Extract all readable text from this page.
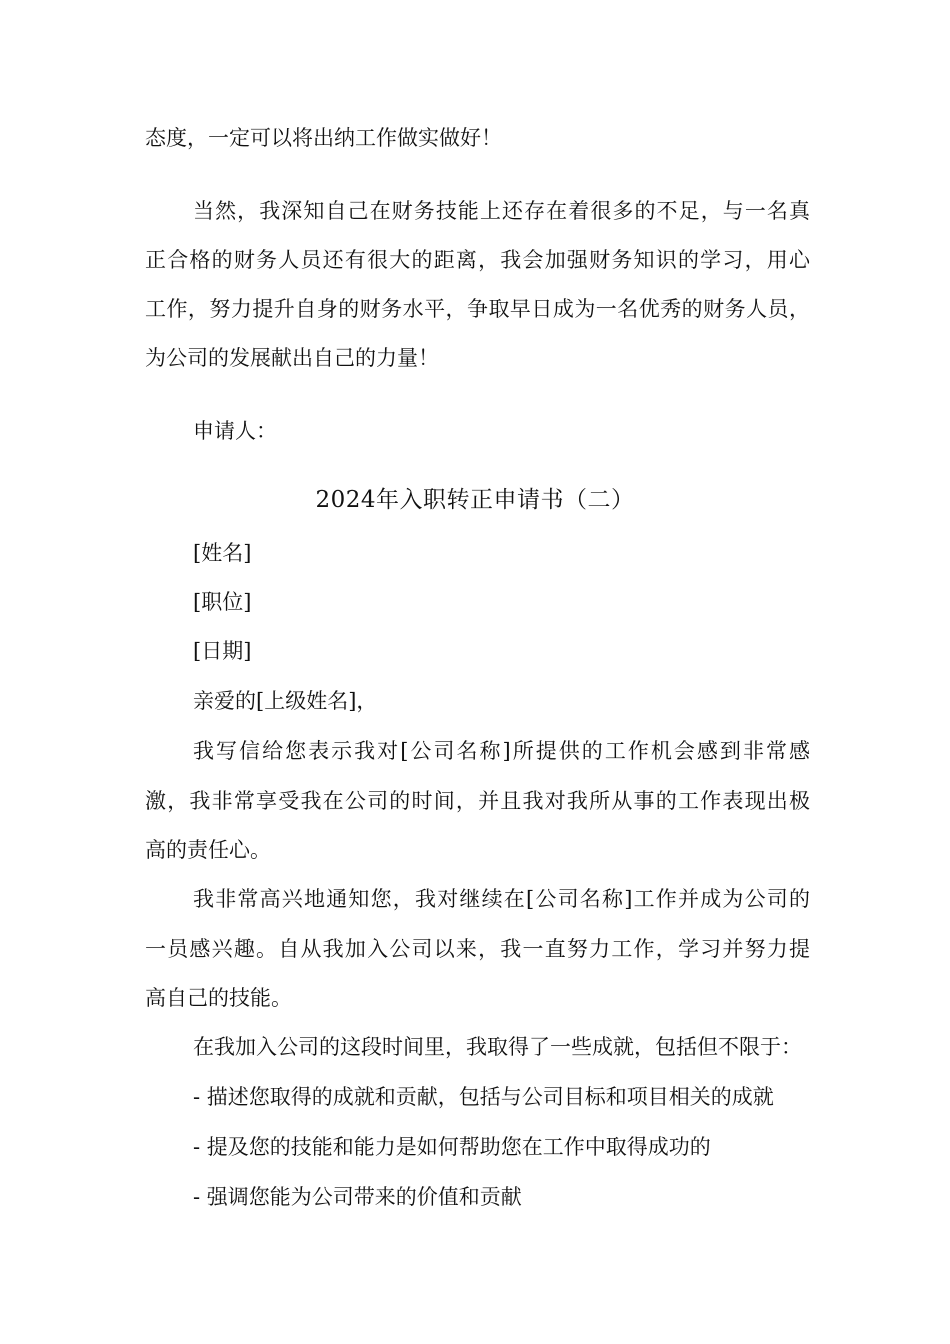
态度，一定可以将出纳工作做实做好！
当然，我深知自己在财务技能上还存在着很多的不足，与一名真
正合格的财务人员还有很大的距离，我会加强财务知识的学习，用心
工作，努力提升自身的财务水平，争取早日成为一名优秀的财务人员，
为公司的发展献出自己的力量！
申请人：
2024年入职转正申请书（二）
[姓名]
[职位]
[日期]
亲爱的[上级姓名]，
我写信给您表示我对[公司名称]所提供的工作机会感到非常感
激，我非常享受我在公司的时间，并且我对我所从事的工作表现出极
高的责任心。
我非常高兴地通知您，我对继续在[公司名称]工作并成为公司的
一员感兴趣。自从我加入公司以来，我一直努力工作，学习并努力提
高自己的技能。
在我加入公司的这段时间里，我取得了一些成就，包括但不限于：
- 描述您取得的成就和贡献，包括与公司目标和项目相关的成就
- 提及您的技能和能力是如何帮助您在工作中取得成功的
- 强调您能为公司带来的价值和贡献
